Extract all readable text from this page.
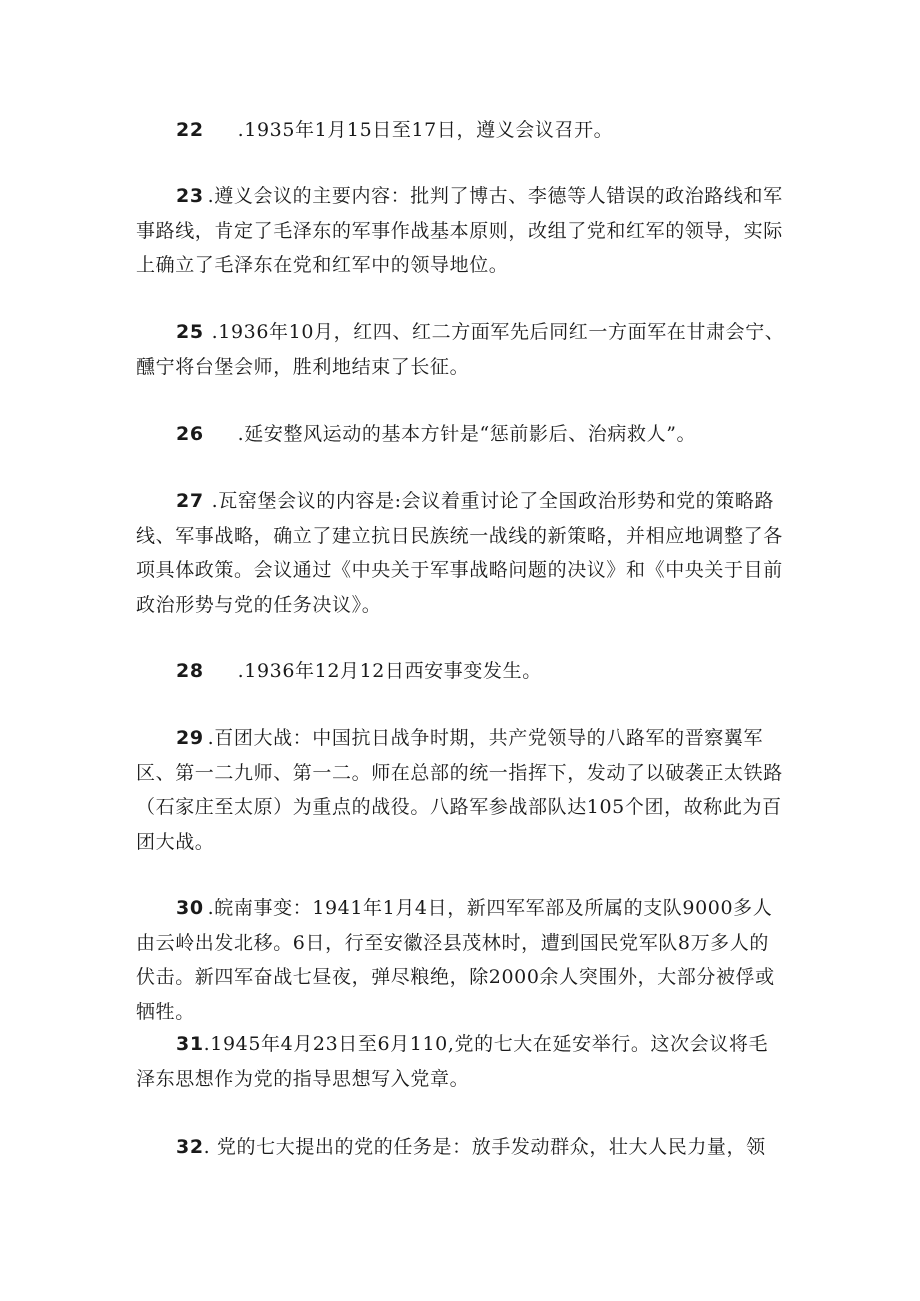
22 .1935年1月15日至17日，遵义会议召开。

23 .遵义会议的主要内容：批判了博古、李德等人错误的政治路线和军事路线，肯定了毛泽东的军事作战基本原则，改组了党和红军的领导，实际上确立了毛泽东在党和红军中的领导地位。

25 .1936年10月，红四、红二方面军先后同红一方面军在甘肃会宁、醺宁将台堡会师，胜利地结束了长征。

26 .延安整风运动的基本方针是“惩前影后、治病救人”。

27 .瓦窑堡会议的内容是:会议着重讨论了全国政治形势和党的策略路线、军事战略，确立了建立抗日民族统一战线的新策略，并相应地调整了各项具体政策。会议通过《中央关于军事战略问题的决议》和《中央关于目前政治形势与党的任务决议》。

28 .1936年12月12日西安事变发生。

29 .百团大战：中国抗日战争时期，共产党领导的八路军的晋察翼军区、第一二九师、第一二。师在总部的统一指挥下，发动了以破袭正太铁路（石家庄至太原）为重点的战役。八路军参战部队达105个团，故称此为百团大战。

30 .皖南事变：1941年1月4日，新四军军部及所属的支队9000多人由云岭出发北移。6日，行至安徽泾县茂林时，遭到国民党军队8万多人的伏击。新四军奋战七昼夜，弹尽粮绝，除2000余人突围外，大部分被俘或牺牲。

31.1945年4月23日至6月110,党的七大在延安举行。这次会议将毛泽东思想作为党的指导思想写入党章。

32. 党的七大提出的党的任务是：放手发动群众，壮大人民力量，领
